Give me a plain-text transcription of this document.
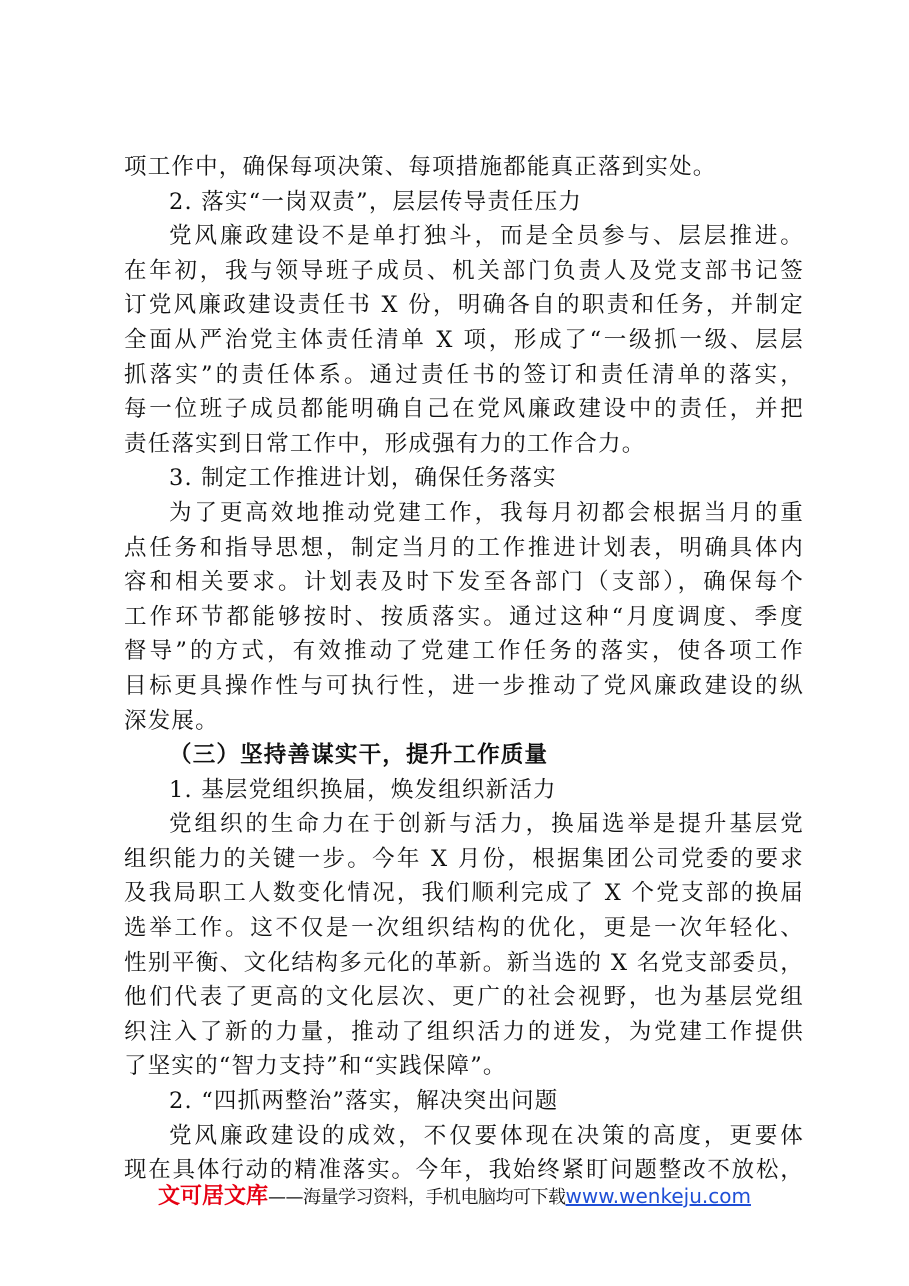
项工作中，确保每项决策、每项措施都能真正落到实处。
2. 落实“一岗双责”，层层传导责任压力
党风廉政建设不是单打独斗，而是全员参与、层层推进。
在年初，我与领导班子成员、机关部门负责人及党支部书记签
订党风廉政建设责任书 X 份，明确各自的职责和任务，并制定
全面从严治党主体责任清单 X 项，形成了“一级抓一级、层层
抓落实”的责任体系。通过责任书的签订和责任清单的落实，
每一位班子成员都能明确自己在党风廉政建设中的责任，并把
责任落实到日常工作中，形成强有力的工作合力。
3. 制定工作推进计划，确保任务落实
为了更高效地推动党建工作，我每月初都会根据当月的重
点任务和指导思想，制定当月的工作推进计划表，明确具体内
容和相关要求。计划表及时下发至各部门（支部），确保每个
工作环节都能够按时、按质落实。通过这种“月度调度、季度
督导”的方式，有效推动了党建工作任务的落实，使各项工作
目标更具操作性与可执行性，进一步推动了党风廉政建设的纵
深发展。
（三）坚持善谋实干，提升工作质量
1. 基层党组织换届，焕发组织新活力
党组织的生命力在于创新与活力，换届选举是提升基层党
组织能力的关键一步。今年 X 月份，根据集团公司党委的要求
及我局职工人数变化情况，我们顺利完成了 X 个党支部的换届
选举工作。这不仅是一次组织结构的优化，更是一次年轻化、
性别平衡、文化结构多元化的革新。新当选的 X 名党支部委员，
他们代表了更高的文化层次、更广的社会视野，也为基层党组
织注入了新的力量，推动了组织活力的迸发，为党建工作提供
了坚实的“智力支持”和“实践保障”。
2. “四抓两整治”落实，解决突出问题
党风廉政建设的成效，不仅要体现在决策的高度，更要体
现在具体行动的精准落实。今年，我始终紧盯问题整改不放松，
文可居文库——海量学习资料，手机电脑均可下载www.wenkeju.com
